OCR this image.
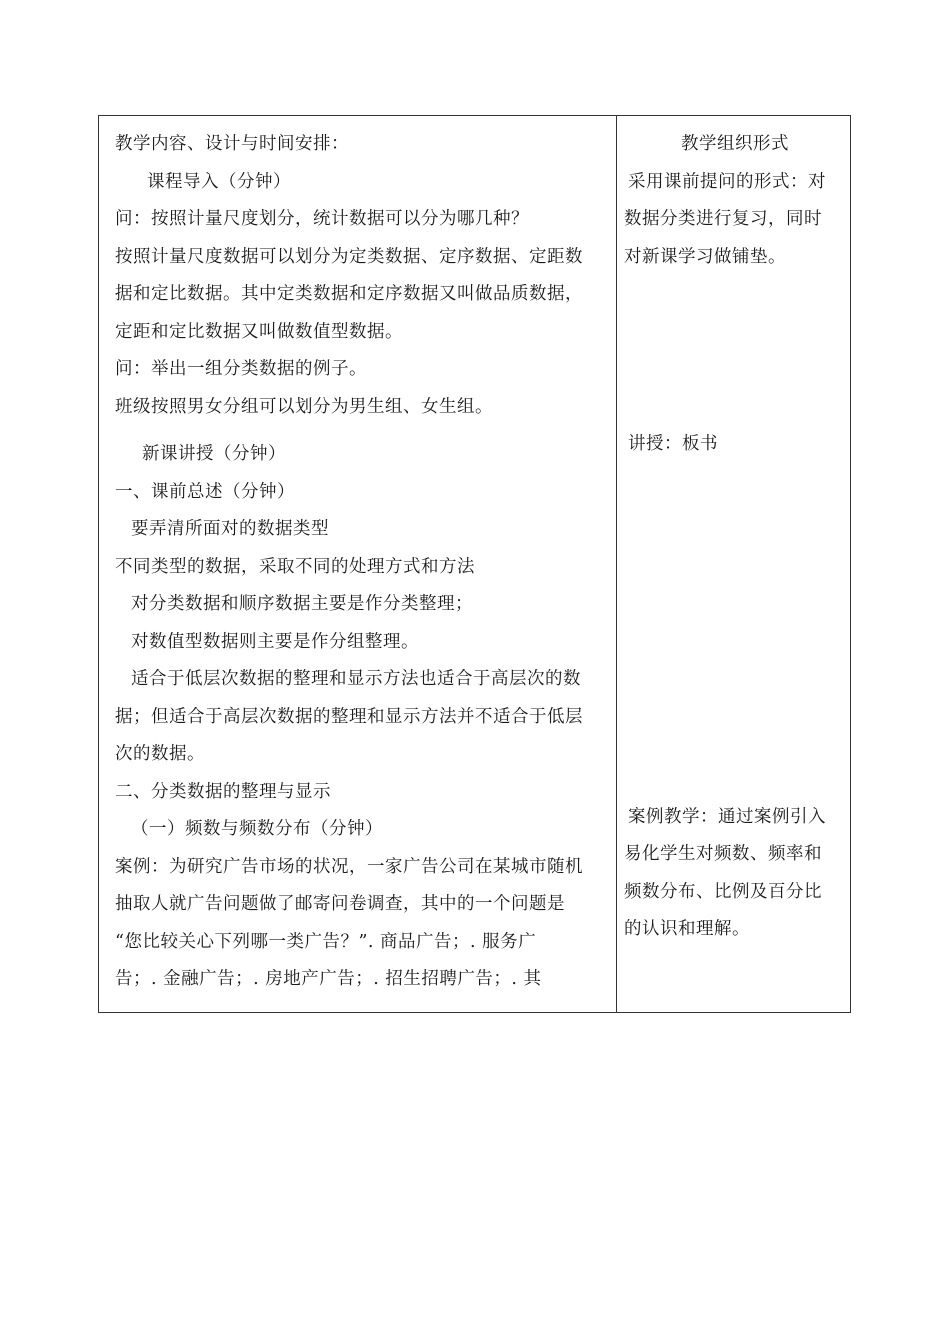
教学内容、设计与时间安排：
课程导入（分钟）
问：按照计量尺度划分，统计数据可以分为哪几种？
按照计量尺度数据可以划分为定类数据、定序数据、定距数
据和定比数据。其中定类数据和定序数据又叫做品质数据，
定距和定比数据又叫做数值型数据。
问：举出一组分类数据的例子。
班级按照男女分组可以划分为男生组、女生组。
新课讲授（分钟）
一、课前总述（分钟）
要弄清所面对的数据类型
不同类型的数据，采取不同的处理方式和方法
对分类数据和顺序数据主要是作分类整理；
对数值型数据则主要是作分组整理。
适合于低层次数据的整理和显示方法也适合于高层次的数
据；但适合于高层次数据的整理和显示方法并不适合于低层
次的数据。
二、分类数据的整理与显示
（一）频数与频数分布（分钟）
案例：为研究广告市场的状况，一家广告公司在某城市随机
抽取人就广告问题做了邮寄问卷调查，其中的一个问题是
“您比较关心下列哪一类广告？”. 商品广告；. 服务广
告；. 金融广告；. 房地产广告；. 招生招聘广告；. 其
教学组织形式
采用课前提问的形式：对
数据分类进行复习，同时
对新课学习做铺垫。
讲授：板书
案例教学：通过案例引入
易化学生对频数、频率和
频数分布、比例及百分比
的认识和理解。
